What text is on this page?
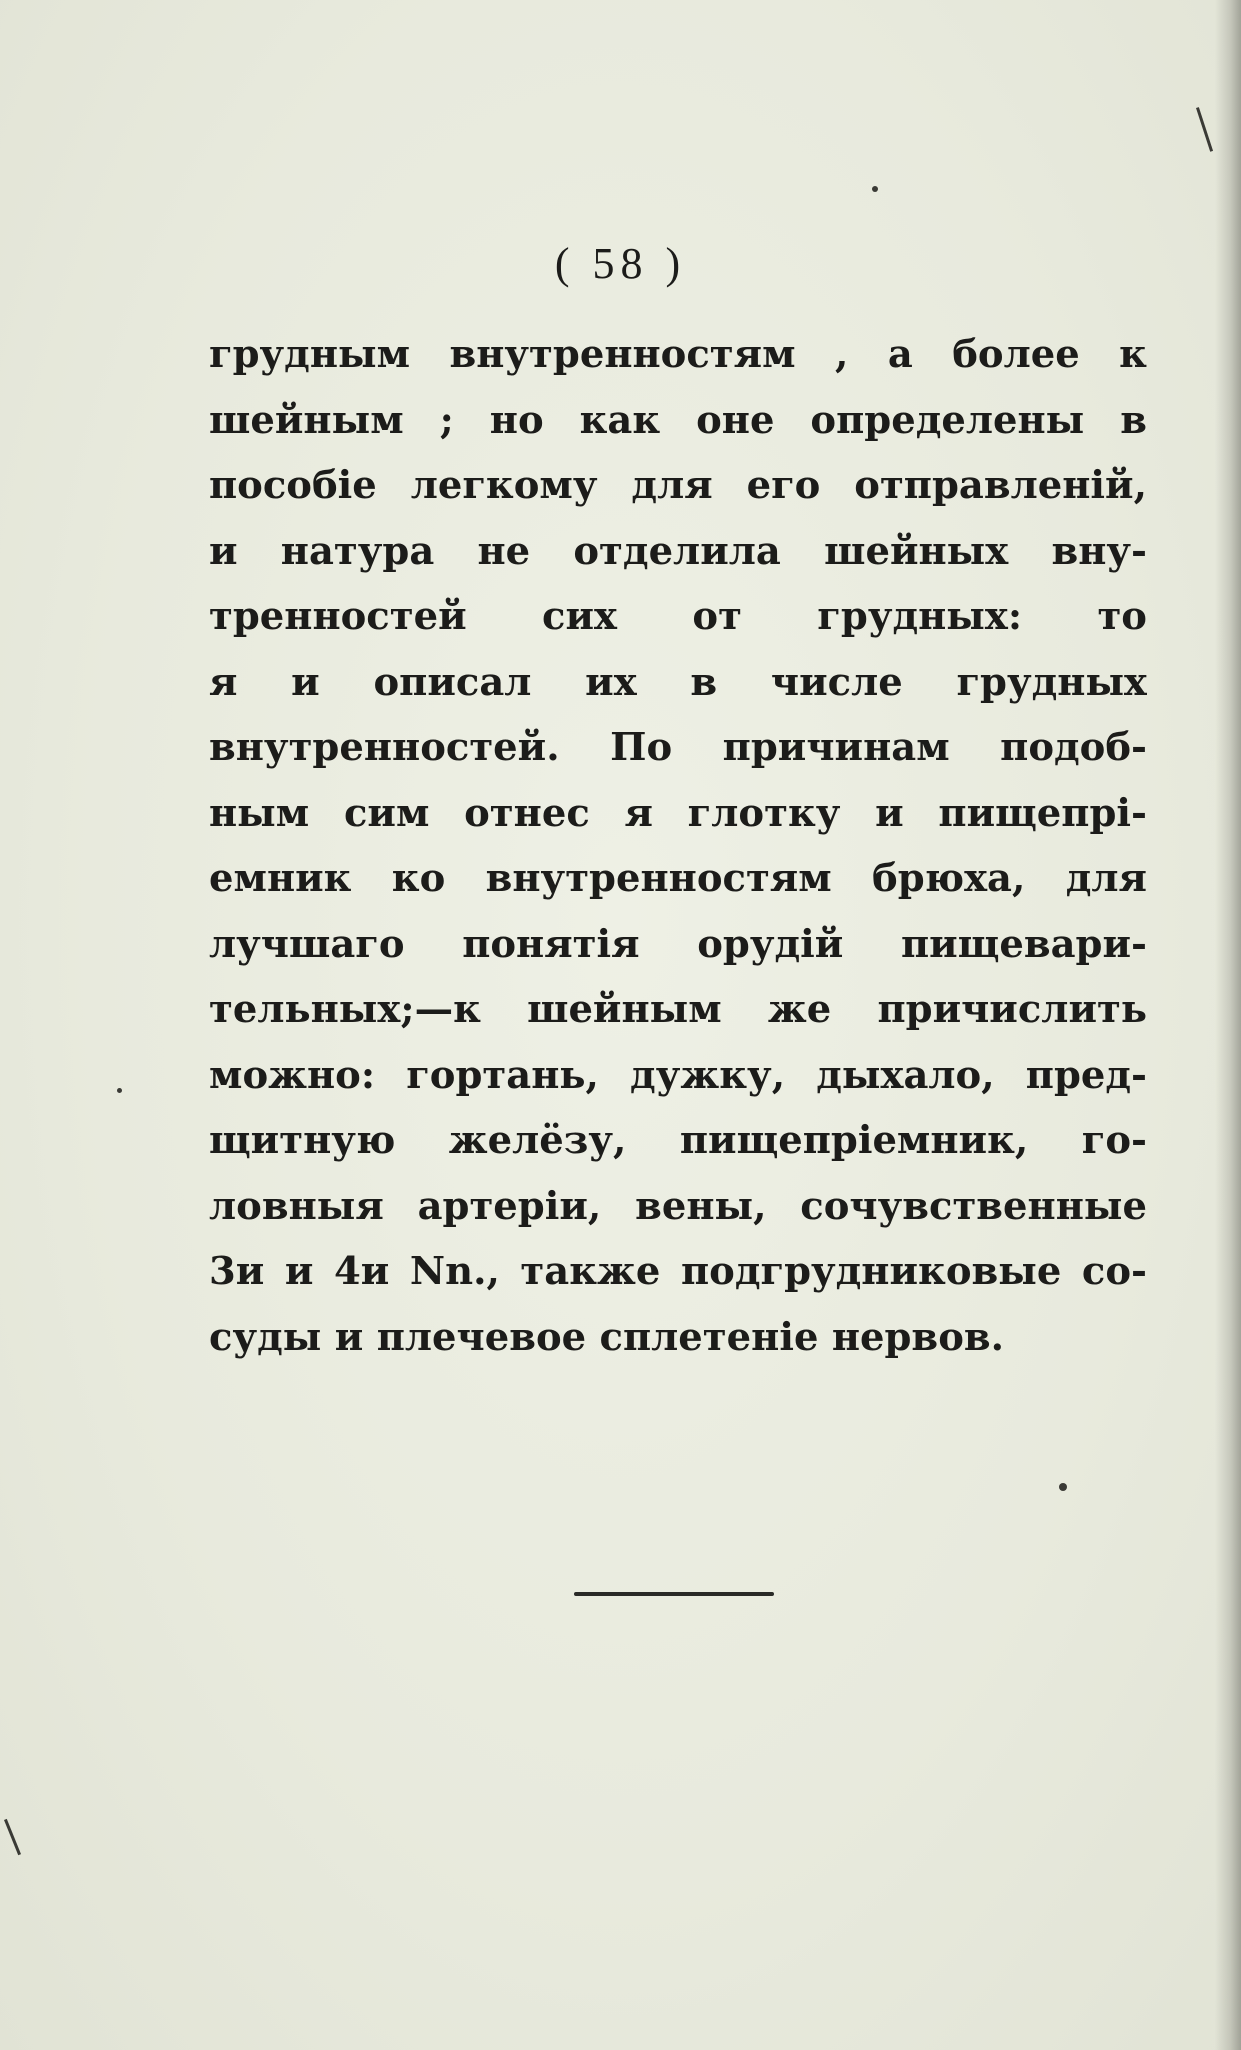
( 58 )
грудным внутренностям , а более к
шейным ; но как оне определены в
пособіе легкому для его отправленій,
и натура не отделила шейных вну-
тренностей сих от грудных: то
я и описал их в числе грудных
внутренностей. По причинам подоб-
ным сим отнес я глотку и пищепрі-
емник ко внутренностям брюха, для
лучшаго понятія орудій пищевари-
тельных;—к шейным же причислить
можно: гортань, дужку, дыхало, пред-
щитную желёзу, пищепріемник, го-
ловныя артеріи, вены, сочувственные
3и и 4и Nn., также подгрудниковые со-
суды и плечевое сплетеніе нервов.
